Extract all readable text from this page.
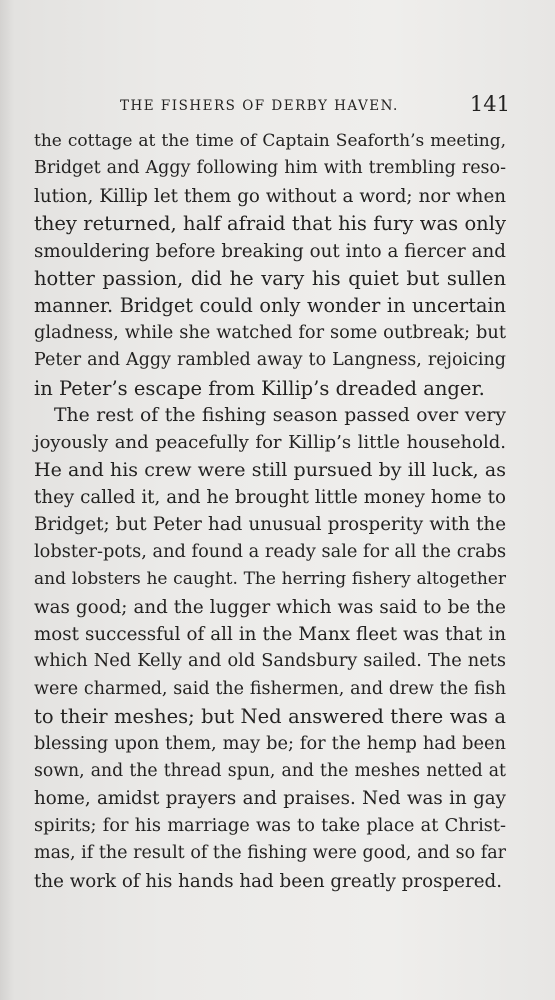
THE FISHERS OF DERBY HAVEN.	141
the cottage at the time of Captain Seaforth’s meeting,
Bridget and Aggy following him with trembling reso-
lution, Killip let them go without a word; nor when
they returned, half afraid that his fury was only
smouldering before breaking out into a fiercer and
hotter passion, did he vary his quiet but sullen
manner. Bridget could only wonder in uncertain
gladness, while she watched for some outbreak; but
Peter and Aggy rambled away to Langness, rejoicing
in Peter’s escape from Killip’s dreaded anger.
The rest of the fishing season passed over very
joyously and peacefully for Killip’s little household.
He and his crew were still pursued by ill luck, as
they called it, and he brought little money home to
Bridget; but Peter had unusual prosperity with the
lobster-pots, and found a ready sale for all the crabs
and lobsters he caught. The herring fishery altogether
was good; and the lugger which was said to be the
most successful of all in the Manx fleet was that in
which Ned Kelly and old Sandsbury sailed. The nets
were charmed, said the fishermen, and drew the fish
to their meshes; but Ned answered there was a
blessing upon them, may be; for the hemp had been
sown, and the thread spun, and the meshes netted at
home, amidst prayers and praises. Ned was in gay
spirits; for his marriage was to take place at Christ-
mas, if the result of the fishing were good, and so far
the work of his hands had been greatly prospered.
